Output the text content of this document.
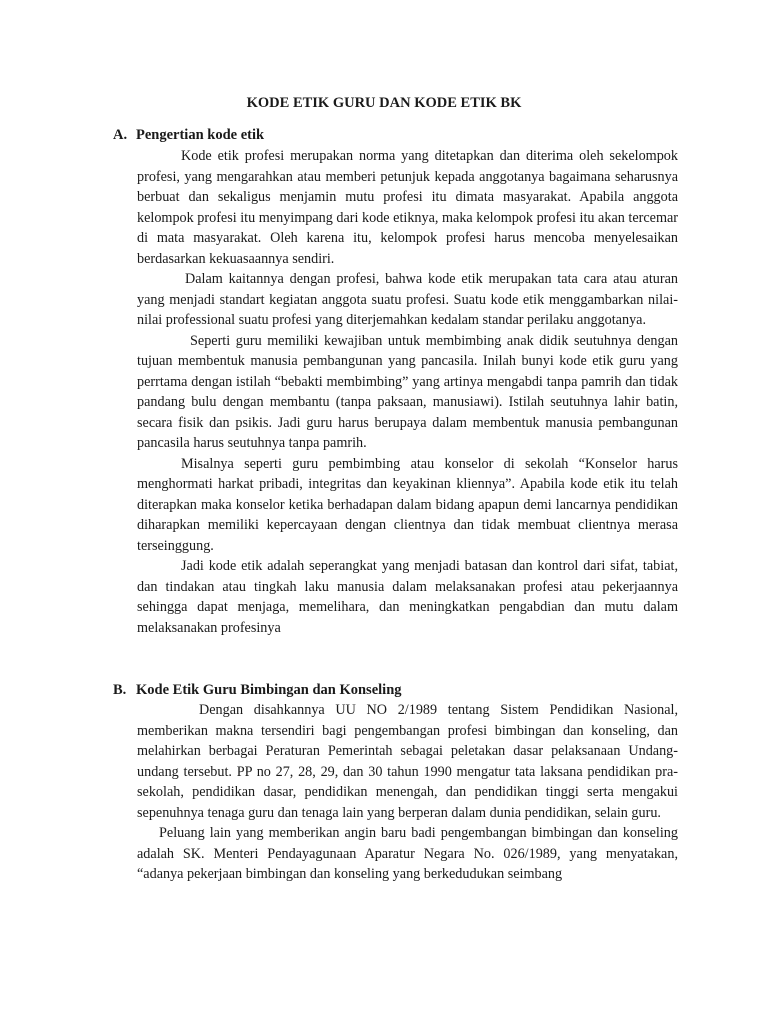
KODE ETIK GURU DAN KODE ETIK BK
A. Pengertian kode etik

Kode etik profesi merupakan norma yang ditetapkan dan diterima oleh sekelompok profesi, yang mengarahkan atau memberi petunjuk kepada anggotanya bagaimana seharusnya berbuat dan sekaligus menjamin mutu profesi itu dimata masyarakat. Apabila anggota kelompok profesi itu menyimpang dari kode etiknya, maka kelompok profesi itu akan tercemar di mata masyarakat. Oleh karena itu, kelompok profesi harus mencoba menyelesaikan berdasarkan kekuasaannya sendiri.

Dalam kaitannya dengan profesi, bahwa kode etik merupakan tata cara atau aturan yang menjadi standart kegiatan anggota suatu profesi. Suatu kode etik menggambarkan nilai-nilai professional suatu profesi yang diterjemahkan kedalam standar perilaku anggotanya.

Seperti guru memiliki kewajiban untuk membimbing anak didik seutuhnya dengan tujuan membentuk manusia pembangunan yang pancasila. Inilah bunyi kode etik guru yang perrtama dengan istilah “bebakti membimbing” yang artinya mengabdi tanpa pamrih dan tidak pandang bulu dengan membantu (tanpa paksaan, manusiawi). Istilah seutuhnya lahir batin, secara fisik dan psikis. Jadi guru harus berupaya dalam membentuk manusia pembangunan pancasila harus seutuhnya tanpa pamrih.

Misalnya seperti guru pembimbing atau konselor di sekolah “Konselor harus menghormati harkat pribadi, integritas dan keyakinan kliennya”. Apabila kode etik itu telah diterapkan maka konselor ketika berhadapan dalam bidang apapun demi lancarnya pendidikan diharapkan memiliki kepercayaan dengan clientnya dan tidak membuat clientnya merasa terseinggung.

Jadi kode etik adalah seperangkat yang menjadi batasan dan kontrol dari sifat, tabiat, dan tindakan atau tingkah laku manusia dalam melaksanakan profesi atau pekerjaannya sehingga dapat menjaga, memelihara, dan meningkatkan pengabdian dan mutu dalam melaksanakan profesinya

B. Kode Etik Guru Bimbingan dan Konseling

Dengan disahkannya UU NO 2/1989 tentang Sistem Pendidikan Nasional, memberikan makna tersendiri bagi pengembangan profesi bimbingan dan konseling, dan melahirkan berbagai Peraturan Pemerintah sebagai peletakan dasar pelaksanaan Undang-undang tersebut. PP no 27, 28, 29, dan 30 tahun 1990 mengatur tata laksana pendidikan pra-sekolah, pendidikan dasar, pendidikan menengah, dan pendidikan tinggi serta mengakui sepenuhnya tenaga guru dan tenaga lain yang berperan dalam dunia pendidikan, selain guru.

Peluang lain yang memberikan angin baru badi pengembangan bimbingan dan konseling adalah SK. Menteri Pendayagunaan Aparatur Negara No. 026/1989, yang menyatakan, “adanya pekerjaan bimbingan dan konseling yang berkedudukan seimbang
